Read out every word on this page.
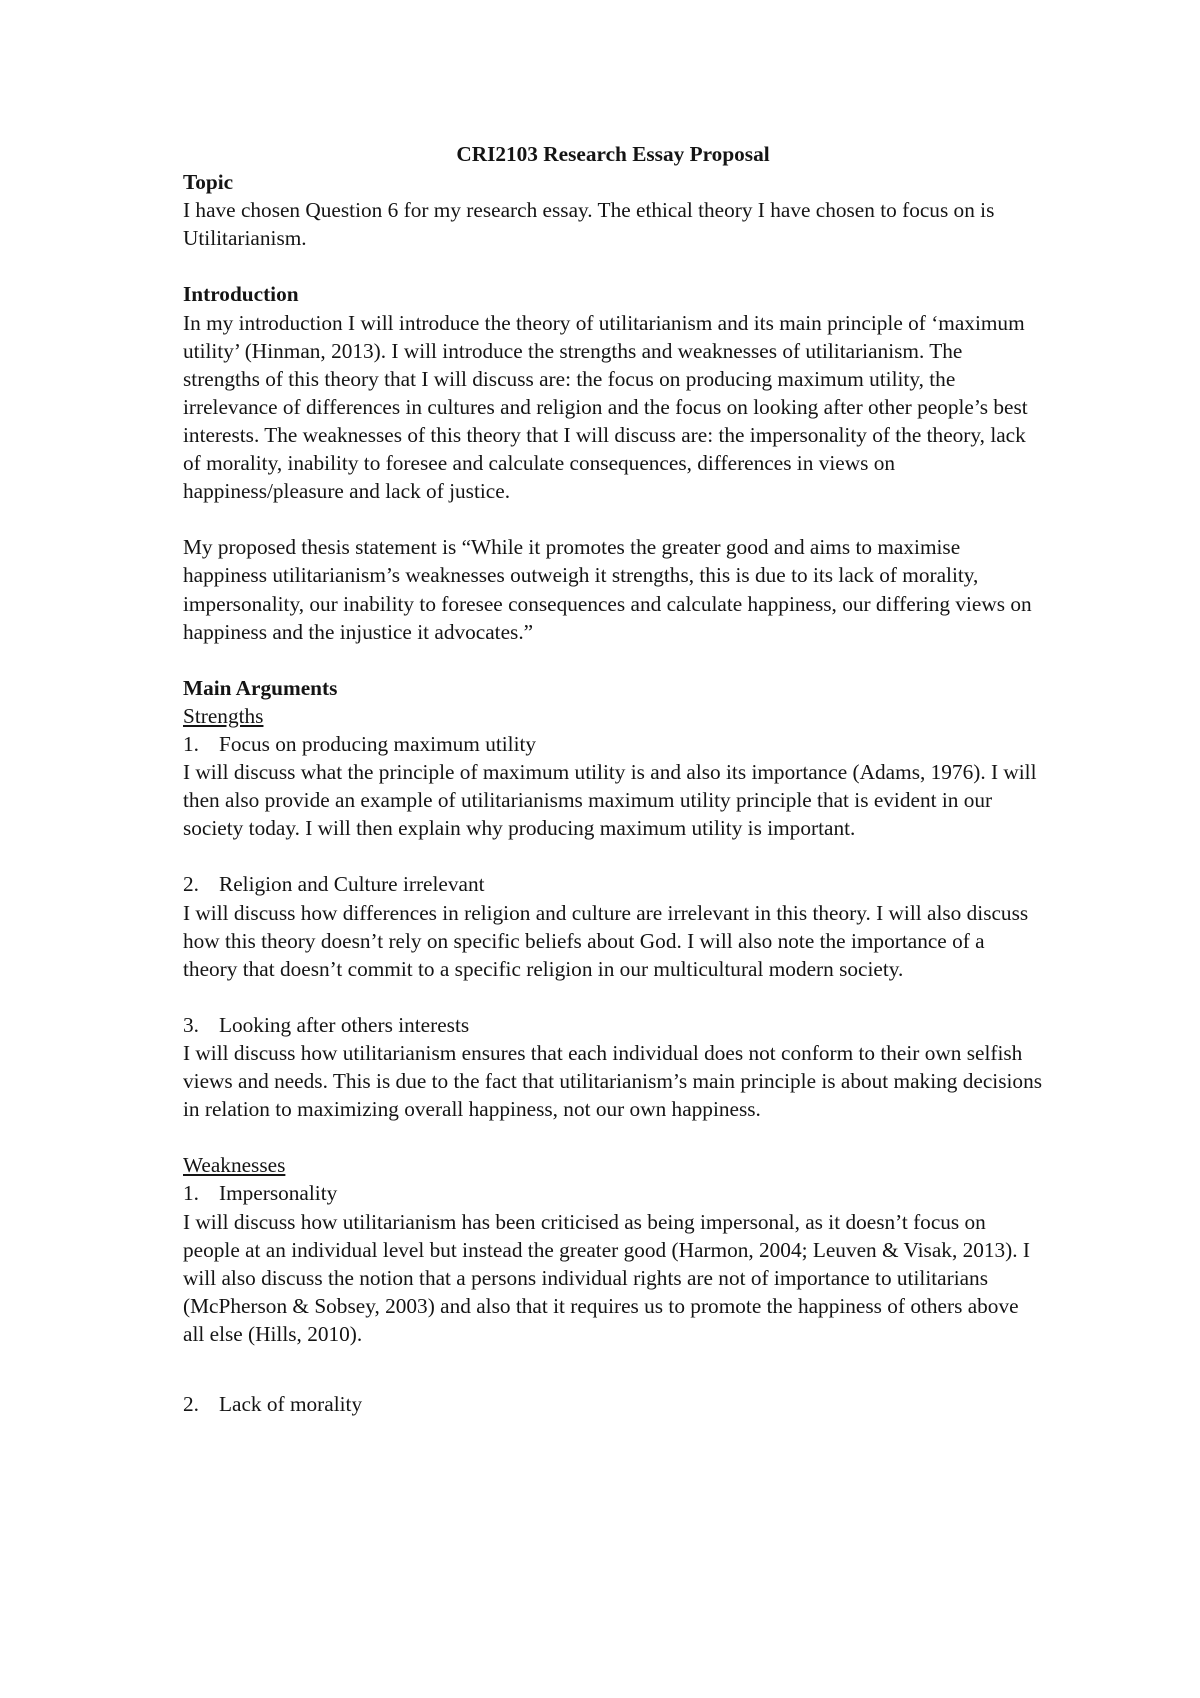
CRI2103 Research Essay Proposal

Topic

I have chosen Question 6 for my research essay. The ethical theory I have chosen to focus on is Utilitarianism.

Introduction

In my introduction I will introduce the theory of utilitarianism and its main principle of ‘maximum utility’ (Hinman, 2013). I will introduce the strengths and weaknesses of utilitarianism. The strengths of this theory that I will discuss are: the focus on producing maximum utility, the irrelevance of differences in cultures and religion and the focus on looking after other people’s best interests. The weaknesses of this theory that I will discuss are: the impersonality of the theory, lack of morality, inability to foresee and calculate consequences, differences in views on happiness/pleasure and lack of justice.

My proposed thesis statement is “While it promotes the greater good and aims to maximise happiness utilitarianism’s weaknesses outweigh it strengths, this is due to its lack of morality, impersonality, our inability to foresee consequences and calculate happiness, our differing views on happiness and the injustice it advocates.”

Main Arguments

Strengths

1. Focus on producing maximum utility

I will discuss what the principle of maximum utility is and also its importance (Adams, 1976). I will then also provide an example of utilitarianisms maximum utility principle that is evident in our society today. I will then explain why producing maximum utility is important.

2. Religion and Culture irrelevant

I will discuss how differences in religion and culture are irrelevant in this theory. I will also discuss how this theory doesn’t rely on specific beliefs about God. I will also note the importance of a theory that doesn’t commit to a specific religion in our multicultural modern society.

3. Looking after others interests

I will discuss how utilitarianism ensures that each individual does not conform to their own selfish views and needs. This is due to the fact that utilitarianism’s main principle is about making decisions in relation to maximizing overall happiness, not our own happiness.

Weaknesses

1. Impersonality

I will discuss how utilitarianism has been criticised as being impersonal, as it doesn’t focus on people at an individual level but instead the greater good (Harmon, 2004; Leuven & Visak, 2013). I will also discuss the notion that a persons individual rights are not of importance to utilitarians (McPherson & Sobsey, 2003) and also that it requires us to promote the happiness of others above all else (Hills, 2010).

2. Lack of morality
